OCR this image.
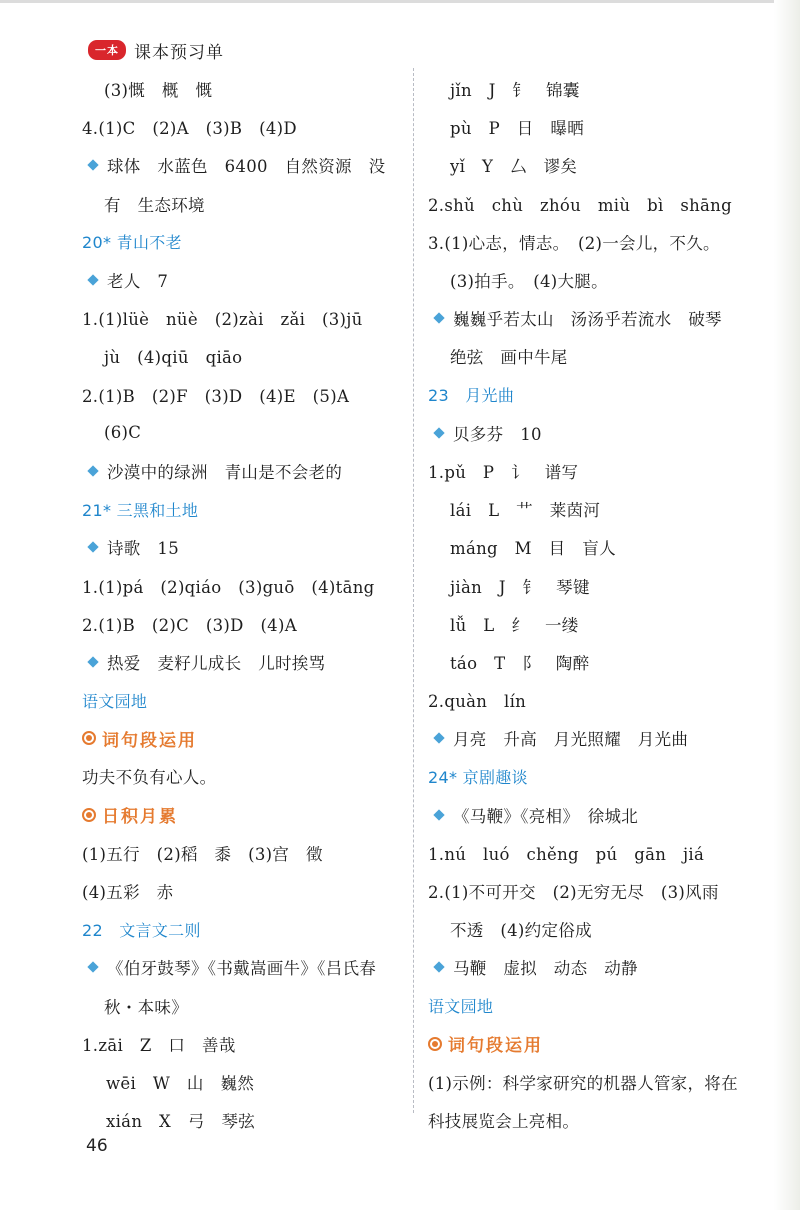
一本 课本预习单
(3)慨　概　慨
4.(1)C　(2)A　(3)B　(4)D
球体　水蓝色　6400　自然资源　没
有　生态环境
20* 青山不老
老人　7
1.(1)lüè　nüè　(2)zài　zǎi　(3)jū
jù　(4)qiū　qiāo
2.(1)B　(2)F　(3)D　(4)E　(5)A
(6)C
沙漠中的绿洲　青山是不会老的
21* 三黑和土地
诗歌　15
1.(1)pá　(2)qiáo　(3)guō　(4)tāng
2.(1)B　(2)C　(3)D　(4)A
热爱　麦籽儿成长　儿时挨骂
语文园地
词句段运用
功夫不负有心人。
日积月累
(1)五行　(2)稻　黍　(3)宫　徵
(4)五彩　赤
22　文言文二则
《伯牙鼓琴》《书戴嵩画牛》《吕氏春
秋・本味》
1.zāi　Z　口　善哉
wēi　W　山　巍然
xián　X　弓　琴弦
jǐn　J　钅　锦囊
pù　P　日　曝晒
yǐ　Y　厶　谬矣
2.shǔ　chù　zhóu　miù　bì　shāng
3.(1)心志，情志。　(2)一会儿，不久。
(3)拍手。　(4)大腿。
巍巍乎若太山　汤汤乎若流水　破琴
绝弦　画中牛尾
23　月光曲
贝多芬　10
1.pǔ　P　讠　谱写
lái　L　艹　莱茵河
máng　M　目　盲人
jiàn　J　钅　琴键
lǚ　L　纟　一缕
táo　T　阝　陶醉
2.quàn　lín
月亮　升高　月光照耀　月光曲
24* 京剧趣谈
《马鞭》《亮相》　徐城北
1.nú　luó　chěng　pú　gān　jiá
2.(1)不可开交　(2)无穷无尽　(3)风雨
不透　(4)约定俗成
马鞭　虚拟　动态　动静
语文园地
词句段运用
(1)示例：科学家研究的机器人管家，将在
科技展览会上亮相。
46
